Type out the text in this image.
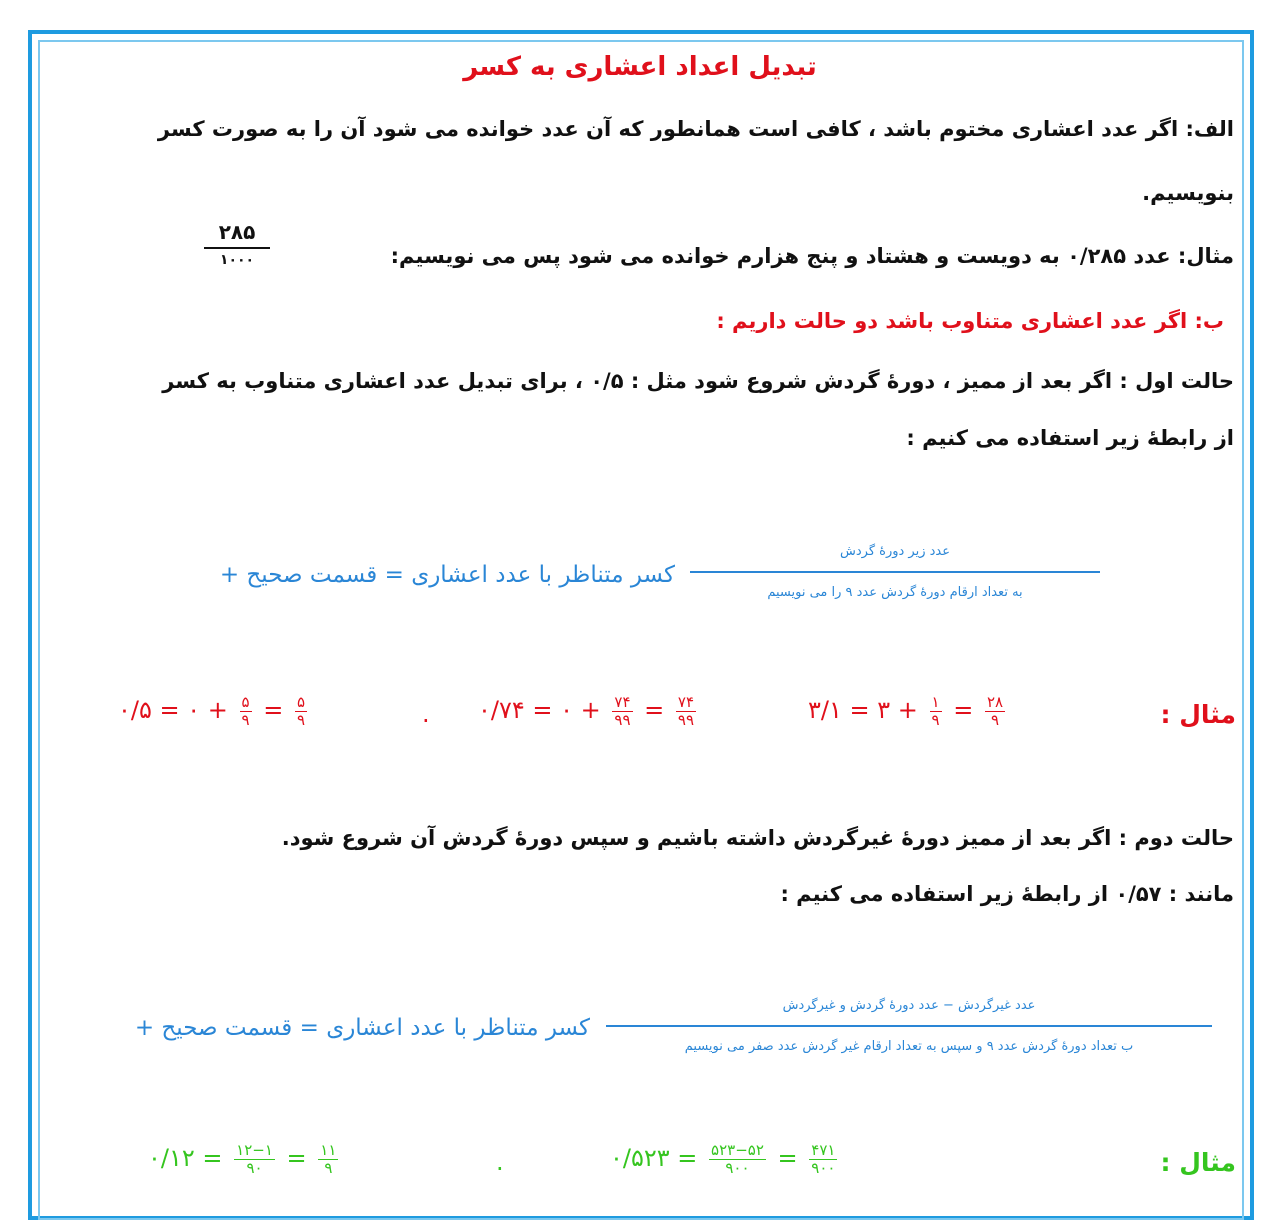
تبدیل اعداد اعشاری به کسر
الف: اگر عدد اعشاری مختوم باشد ، کافی است همانطور که آن عدد خوانده می شود آن را به صورت کسر
بنویسیم.
مثال: عدد ۰/۲۸۵ به دویست و هشتاد و پنج هزارم خوانده می شود پس می نویسیم:
۲۸۵
۱۰۰۰
ب: اگر عدد اعشاری متناوب باشد دو حالت داریم :
حالت اول : اگر بعد از ممیز ، دورهٔ گردش شروع شود مثل : ۰/۵ ، برای تبدیل عدد اعشاری متناوب به کسر
از رابطهٔ زیر استفاده می کنیم :
کسر متناظر با عدد اعشاری = قسمت صحیح +
عدد زیر دورهٔ گردش
به تعداد ارقام دورهٔ گردش عدد ۹ را می نویسیم
مثال :
۰/۵ = ۰ + ۵
۹ = ۵
۹	. ۰/۷۴ = ۰ + ۷۴
۹۹ = ۷۴
۹۹	۳/۱ = ۳ + ۱
۹ = ۲۸
۹
حالت دوم : اگر بعد از ممیز دورهٔ غیرگردش داشته باشیم و سپس دورهٔ گردش آن شروع شود.
مانند : ۰/۵۷ از رابطهٔ زیر استفاده می کنیم :
کسر متناظر با عدد اعشاری = قسمت صحیح +
عدد غیرگردش − عدد دورهٔ گردش و غیرگردش
ب تعداد دورهٔ گردش عدد ۹ و سپس به تعداد ارقام غیر گردش عدد صفر می نویسیم
مثال :
۰/۱۲ = ۱۲−۱
۹۰ = ۱۱
۹	.	۰/۵۲۳ = ۵۲۳−۵۲
۹۰۰	= ۴۷۱
۹۰۰
